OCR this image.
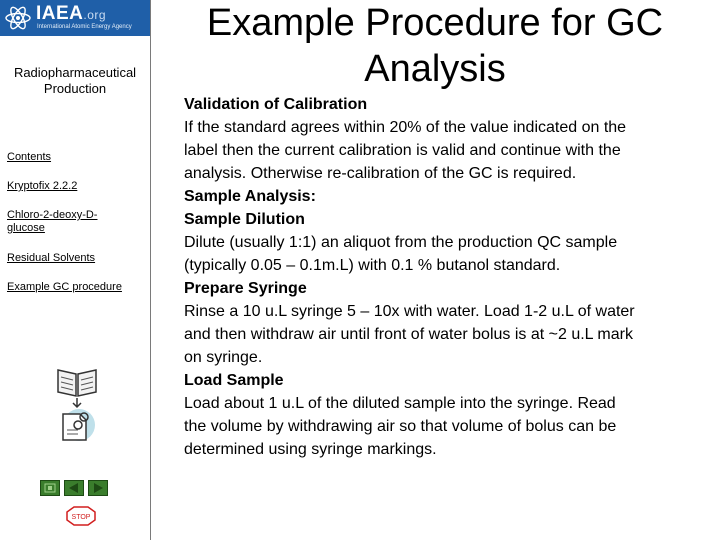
IAEA.org
International Atomic Energy Agency
Radiopharmaceutical
Production
Contents
Kryptofix 2.2.2
Chloro-2-deoxy-D-
glucose
Residual Solvents
Example GC procedure
STOP
Example Procedure for GC
Analysis
Validation of Calibration
If the standard agrees within 20% of the value indicated on the
label then the current calibration is valid and continue with the
analysis. Otherwise re-calibration of the GC is required.
Sample Analysis:
Sample Dilution
Dilute (usually 1:1) an aliquot from the production QC sample
(typically 0.05 – 0.1m.L) with 0.1 % butanol standard.
Prepare Syringe
Rinse a 10 u.L syringe 5 – 10x with water. Load 1-2 u.L of water
and then withdraw air until front of water bolus is at ~2 u.L mark
on syringe.
Load Sample
Load about 1 u.L of the diluted sample into the syringe. Read
the volume by withdrawing air so that volume of bolus can be
determined using syringe markings.
